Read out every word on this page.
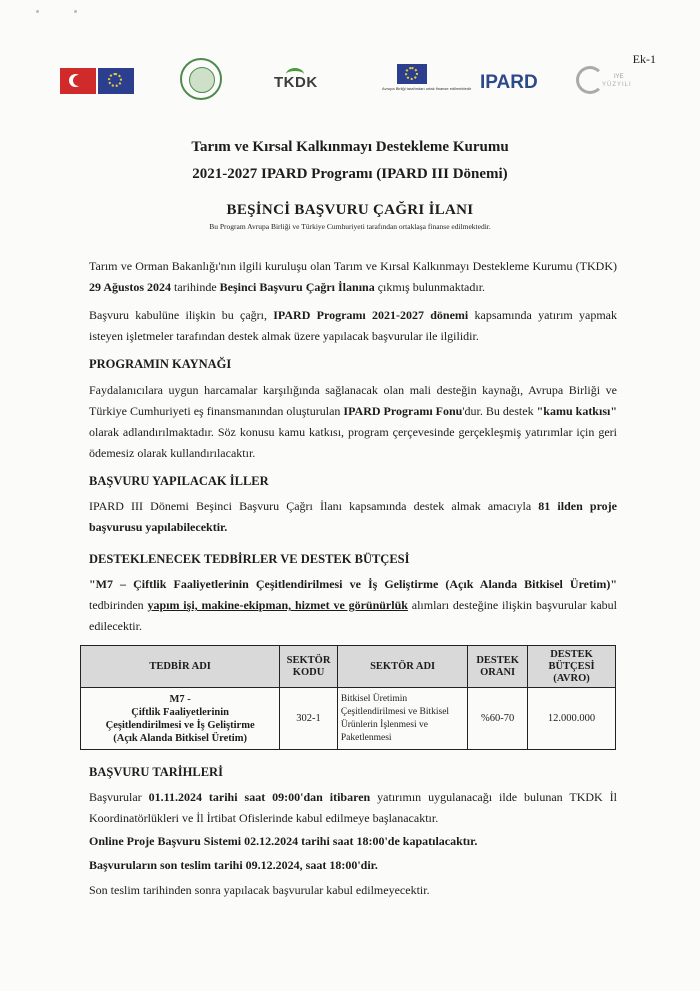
Ek-1
TKDK	Avrupa Birliği tarafından ortak finanse edilmektedir IPARD	IYE
YÜZYILI
Tarım ve Kırsal Kalkınmayı Destekleme Kurumu
2021-2027 IPARD Programı (IPARD III Dönemi)
BEŞİNCİ BAŞVURU ÇAĞRI İLANI
Bu Program Avrupa Birliği ve Türkiye Cumhuriyeti tarafından ortaklaşa finanse edilmektedir.
Tarım ve Orman Bakanlığı'nın ilgili kuruluşu olan Tarım ve Kırsal Kalkınmayı Destekleme Kurumu (TKDK) 29 Ağustos 2024 tarihinde Beşinci Başvuru Çağrı İlanına çıkmış bulunmaktadır.
Başvuru kabulüne ilişkin bu çağrı, IPARD Programı 2021-2027 dönemi kapsamında yatırım yapmak isteyen işletmeler tarafından destek almak üzere yapılacak başvurular ile ilgilidir.
PROGRAMIN KAYNAĞI
Faydalanıcılara uygun harcamalar karşılığında sağlanacak olan mali desteğin kaynağı, Avrupa Birliği ve Türkiye Cumhuriyeti eş finansmanından oluşturulan IPARD Programı Fonu'dur. Bu destek "kamu katkısı" olarak adlandırılmaktadır. Söz konusu kamu katkısı, program çerçevesinde gerçekleşmiş yatırımlar için geri ödemesiz olarak kullandırılacaktır.
BAŞVURU YAPILACAK İLLER
IPARD III Dönemi Beşinci Başvuru Çağrı İlanı kapsamında destek almak amacıyla 81 ilden proje başvurusu yapılabilecektir.
DESTEKLENECEK TEDBİRLER VE DESTEK BÜTÇESİ
"M7 – Çiftlik Faaliyetlerinin Çeşitlendirilmesi ve İş Geliştirme (Açık Alanda Bitkisel Üretim)" tedbirinden yapım işi, makine-ekipman, hizmet ve görünürlük alımları desteğine ilişkin başvurular kabul edilecektir.
TEDBİR ADI	SEKTÖR KODU	SEKTÖR ADI	DESTEK ORANI	DESTEK BÜTÇESİ (AVRO)
M7 -
Çiftlik Faaliyetlerinin
Çeşitlendirilmesi ve İş Geliştirme
(Açık Alanda Bitkisel Üretim)	302-1	Bitkisel Üretimin Çeşitlendirilmesi ve Bitkisel Ürünlerin İşlenmesi ve Paketlenmesi	%60-70	12.000.000
BAŞVURU TARİHLERİ
Başvurular 01.11.2024 tarihi saat 09:00'dan itibaren yatırımın uygulanacağı ilde bulunan TKDK İl Koordinatörlükleri ve İl İrtibat Ofislerinde kabul edilmeye başlanacaktır.
Online Proje Başvuru Sistemi 02.12.2024 tarihi saat 18:00'de kapatılacaktır.
Başvuruların son teslim tarihi 09.12.2024, saat 18:00'dir.
Son teslim tarihinden sonra yapılacak başvurular kabul edilmeyecektir.
